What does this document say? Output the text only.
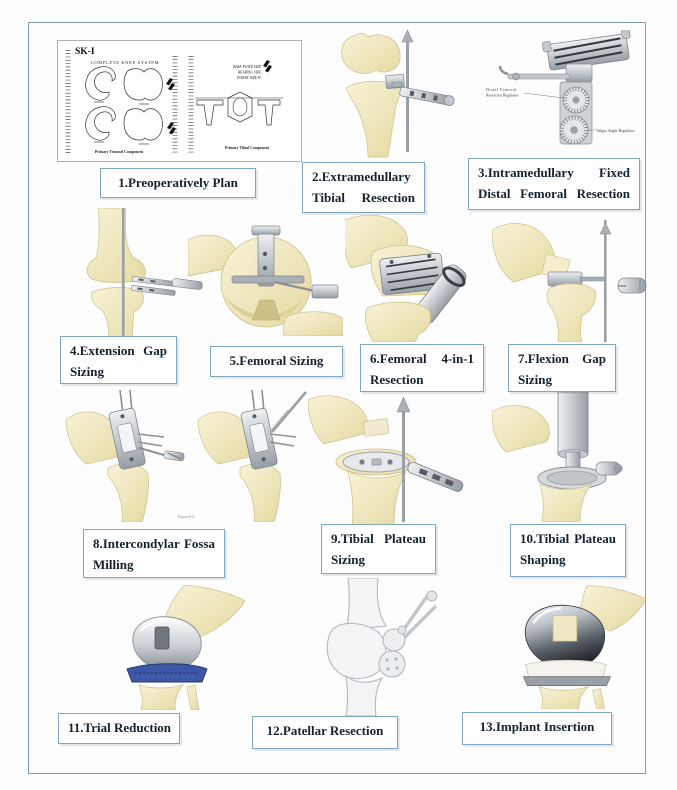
SK-I
COMPLETE KNEE SYSTEM
Primary Femoral Component
BASE PLATE SIZE
BEARING SIZE
INSERT SIZE-W
Primary Tibial Component
Distal Femoral
Resection Regulator
Valgus Angle Regulator
Figure8-2
1.Preoperatively Plan	2.Extramedullary
Tibial Resection
3.Intramedullary Fixed
Distal Femoral Resection
4.Extension Gap
Sizing
5.Femoral Sizing	6.Femoral 4-in-1
Resection
7.Flexion Gap
Sizing
8.Intercondylar Fossa
Milling
9.Tibial Plateau
Sizing
10.Tibial Plateau
Shaping
11.Trial Reduction	12.Patellar Resection	13.Implant Insertion
